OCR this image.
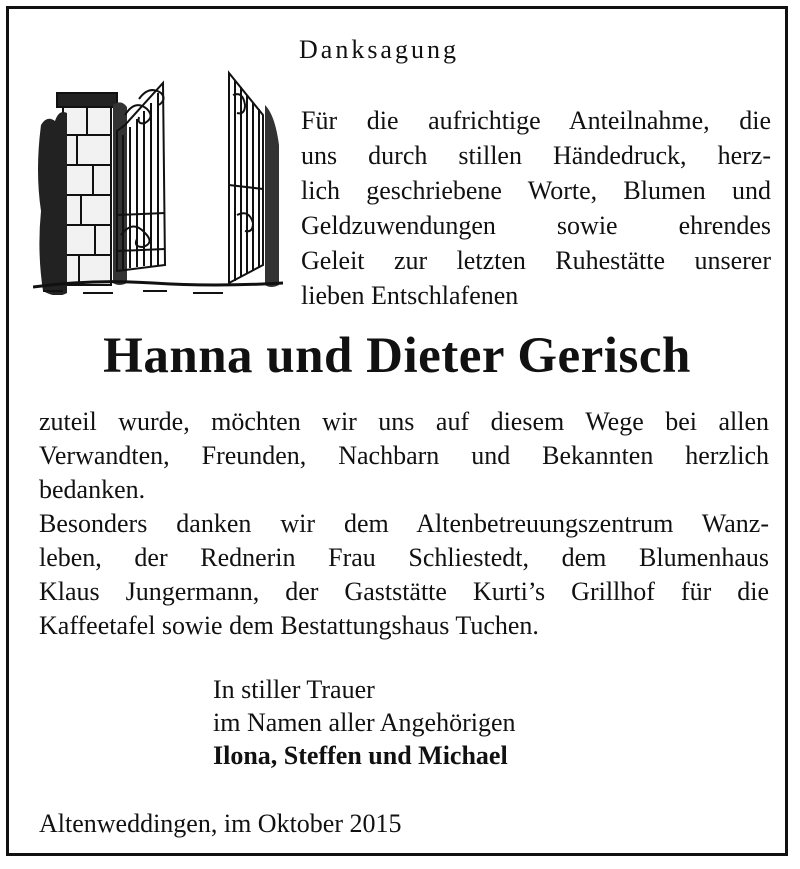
Danksagung
Für die aufrichtige Anteilnahme, die
uns durch stillen Händedruck, herz-
lich geschriebene Worte, Blumen und
Geldzuwendungen sowie ehrendes
Geleit zur letzten Ruhestätte unserer
lieben Entschlafenen
Hanna und Dieter Gerisch
zuteil wurde, möchten wir uns auf diesem Wege bei allen
Verwandten, Freunden, Nachbarn und Bekannten herzlich
bedanken.
Besonders danken wir dem Altenbetreuungszentrum Wanz-
leben, der Rednerin Frau Schliestedt, dem Blumenhaus
Klaus Jungermann, der Gaststätte Kurti’s Grillhof für die
Kaffeetafel sowie dem Bestattungshaus Tuchen.
In stiller Trauer
im Namen aller Angehörigen
Ilona, Steffen und Michael
Altenweddingen, im Oktober 2015
